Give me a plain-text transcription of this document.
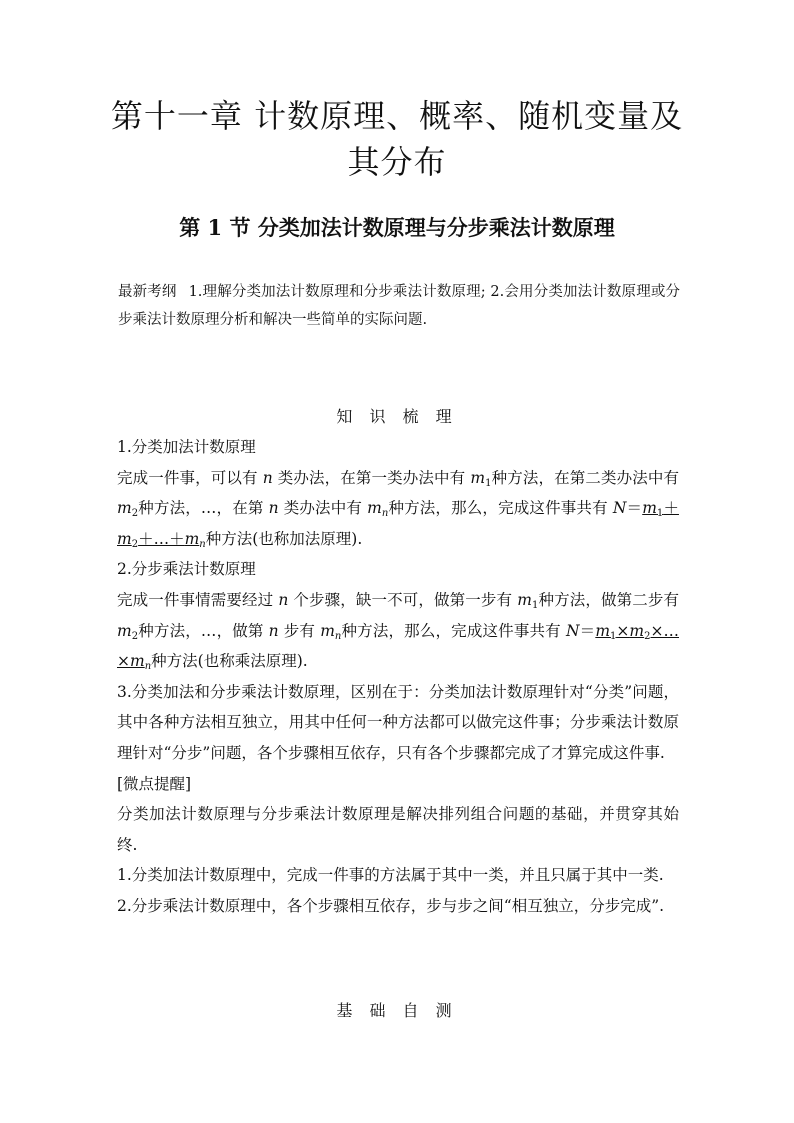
第十一章 计数原理、概率、随机变量及
其分布
第 1 节 分类加法计数原理与分步乘法计数原理
最新考纲 1.理解分类加法计数原理和分步乘法计数原理; 2.会用分类加法计数原理或分步乘法计数原理分析和解决一些简单的实际问题.
知 识 梳 理

1.分类加法计数原理

完成一件事，可以有 n 类办法，在第一类办法中有 $m_1$种方法，在第二类办法中有 $m_2$种方法，…，在第 n 类办法中有 $m_n$种方法，那么，完成这件事共有 $N=m_1+m_2+\dots+m_n$种方法(也称加法原理).

2.分步乘法计数原理

完成一件事情需要经过 n 个步骤，缺一不可，做第一步有 $m_1$种方法，做第二步有 $m_2$种方法，…，做第 n 步有 $m_n$种方法，那么，完成这件事共有 $N=m_1\times m_2\times\dots\times m_n$种方法(也称乘法原理).

3.分类加法和分步乘法计数原理，区别在于：分类加法计数原理针对“分类”问题，其中各种方法相互独立，用其中任何一种方法都可以做完这件事；分步乘法计数原理针对“分步”问题，各个步骤相互依存，只有各个步骤都完成了才算完成这件事.

[微点提醒]

分类加法计数原理与分步乘法计数原理是解决排列组合问题的基础，并贯穿其始终.

1.分类加法计数原理中，完成一件事的方法属于其中一类，并且只属于其中一类.

2.分步乘法计数原理中，各个步骤相互依存，步与步之间“相互独立，分步完成”.

基 础 自 测
